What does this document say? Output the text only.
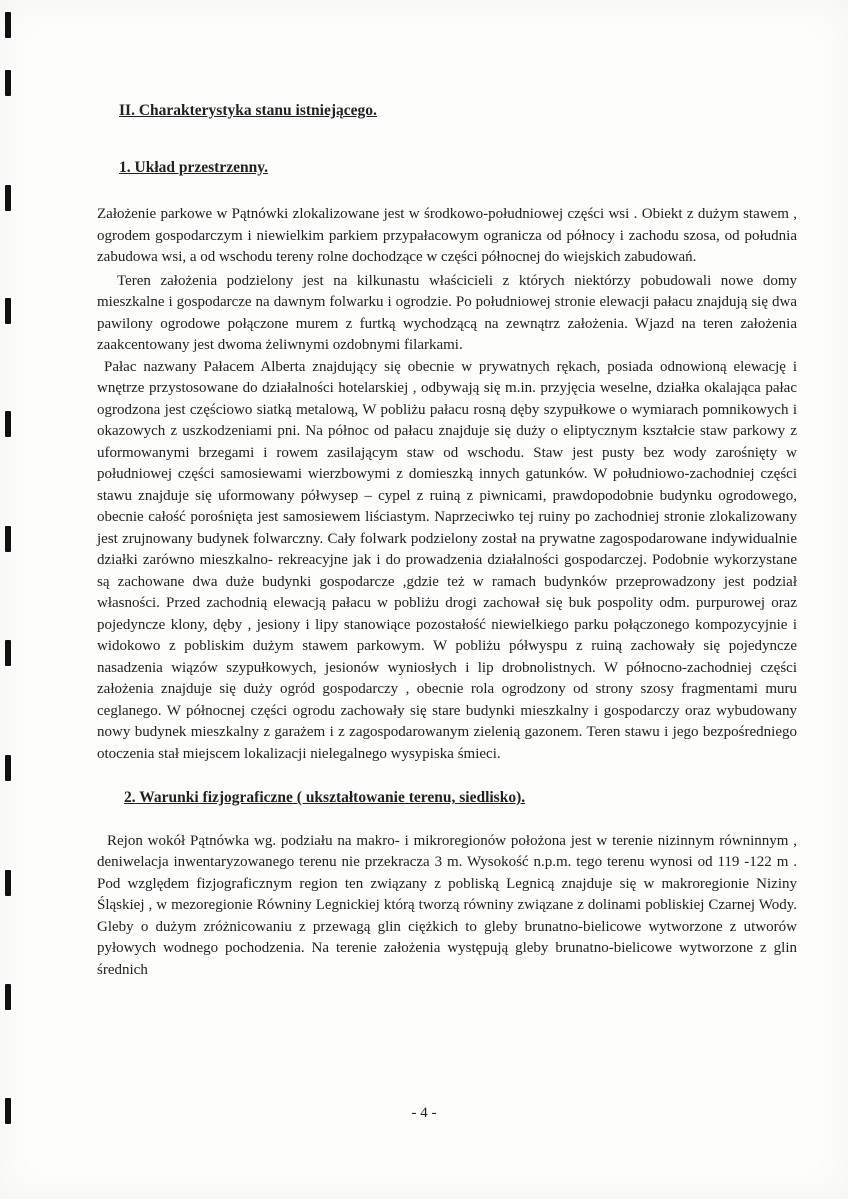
II. Charakterystyka stanu istniejącego.
1. Układ przestrzenny.

Założenie parkowe w Pątnówki zlokalizowane jest w środkowo-południowej części wsi . Obiekt z dużym stawem , ogrodem gospodarczym i niewielkim parkiem przypałacowym ogranicza od północy i zachodu szosa, od południa zabudowa wsi, a od wschodu tereny rolne dochodzące w części północnej do wiejskich zabudowań.

Teren założenia podzielony jest na kilkunastu właścicieli z których niektórzy pobudowali nowe domy mieszkalne i gospodarcze na dawnym folwarku i ogrodzie. Po południowej stronie elewacji pałacu znajdują się dwa pawilony ogrodowe połączone murem z furtką wychodzącą na zewnątrz założenia. Wjazd na teren założenia zaakcentowany jest dwoma żeliwnymi ozdobnymi filarkami.

Pałac nazwany Pałacem Alberta znajdujący się obecnie w prywatnych rękach, posiada odnowioną elewację i wnętrze przystosowane do działalności hotelarskiej , odbywają się m.in. przyjęcia weselne, działka okalająca pałac ogrodzona jest częściowo siatką metalową, W pobliżu pałacu rosną dęby szypułkowe o wymiarach pomnikowych i okazowych z uszkodzeniami pni. Na północ od pałacu znajduje się duży o eliptycznym kształcie staw parkowy z uformowanymi brzegami i rowem zasilającym staw od wschodu. Staw jest pusty bez wody zarośnięty w południowej części samosiewami wierzbowymi z domieszką innych gatunków. W południowo-zachodniej części stawu znajduje się uformowany półwysep – cypel z ruiną z piwnicami, prawdopodobnie budynku ogrodowego, obecnie całość porośnięta jest samosiewem liściastym. Naprzeciwko tej ruiny po zachodniej stronie zlokalizowany jest zrujnowany budynek folwarczny. Cały folwark podzielony został na prywatne zagospodarowane indywidualnie działki zarówno mieszkalno- rekreacyjne jak i do prowadzenia działalności gospodarczej. Podobnie wykorzystane są zachowane dwa duże budynki gospodarcze ,gdzie też w ramach budynków przeprowadzony jest podział własności. Przed zachodnią elewacją pałacu w pobliżu drogi zachował się buk pospolity odm. purpurowej oraz pojedyncze klony, dęby , jesiony i lipy stanowiące pozostałość niewielkiego parku połączonego kompozycyjnie i widokowo z pobliskim dużym stawem parkowym. W pobliżu półwyspu z ruiną zachowały się pojedyncze nasadzenia wiązów szypułkowych, jesionów wyniosłych i lip drobnolistnych. W północno-zachodniej części założenia znajduje się duży ogród gospodarczy , obecnie rola ogrodzony od strony szosy fragmentami muru ceglanego. W północnej części ogrodu zachowały się stare budynki mieszkalny i gospodarczy oraz wybudowany nowy budynek mieszkalny z garażem i z zagospodarowanym zielenią gazonem. Teren stawu i jego bezpośredniego otoczenia stał miejscem lokalizacji nielegalnego wysypiska śmieci.

2. Warunki fizjograficzne ( ukształtowanie terenu, siedlisko).

Rejon wokół Pątnówka wg. podziału na makro- i mikroregionów położona jest w terenie nizinnym równinnym , deniwelacja inwentaryzowanego terenu nie przekracza 3 m. Wysokość n.p.m. tego terenu wynosi od 119 -122 m . Pod względem fizjograficznym region ten związany z pobliską Legnicą znajduje się w makroregionie Niziny Śląskiej , w mezoregionie Równiny Legnickiej którą tworzą równiny związane z dolinami pobliskiej Czarnej Wody. Gleby o dużym zróżnicowaniu z przewagą glin ciężkich to gleby brunatno-bielicowe wytworzone z utworów pyłowych wodnego pochodzenia. Na terenie założenia występują gleby brunatno-bielicowe wytworzone z glin średnich

- 4 -
